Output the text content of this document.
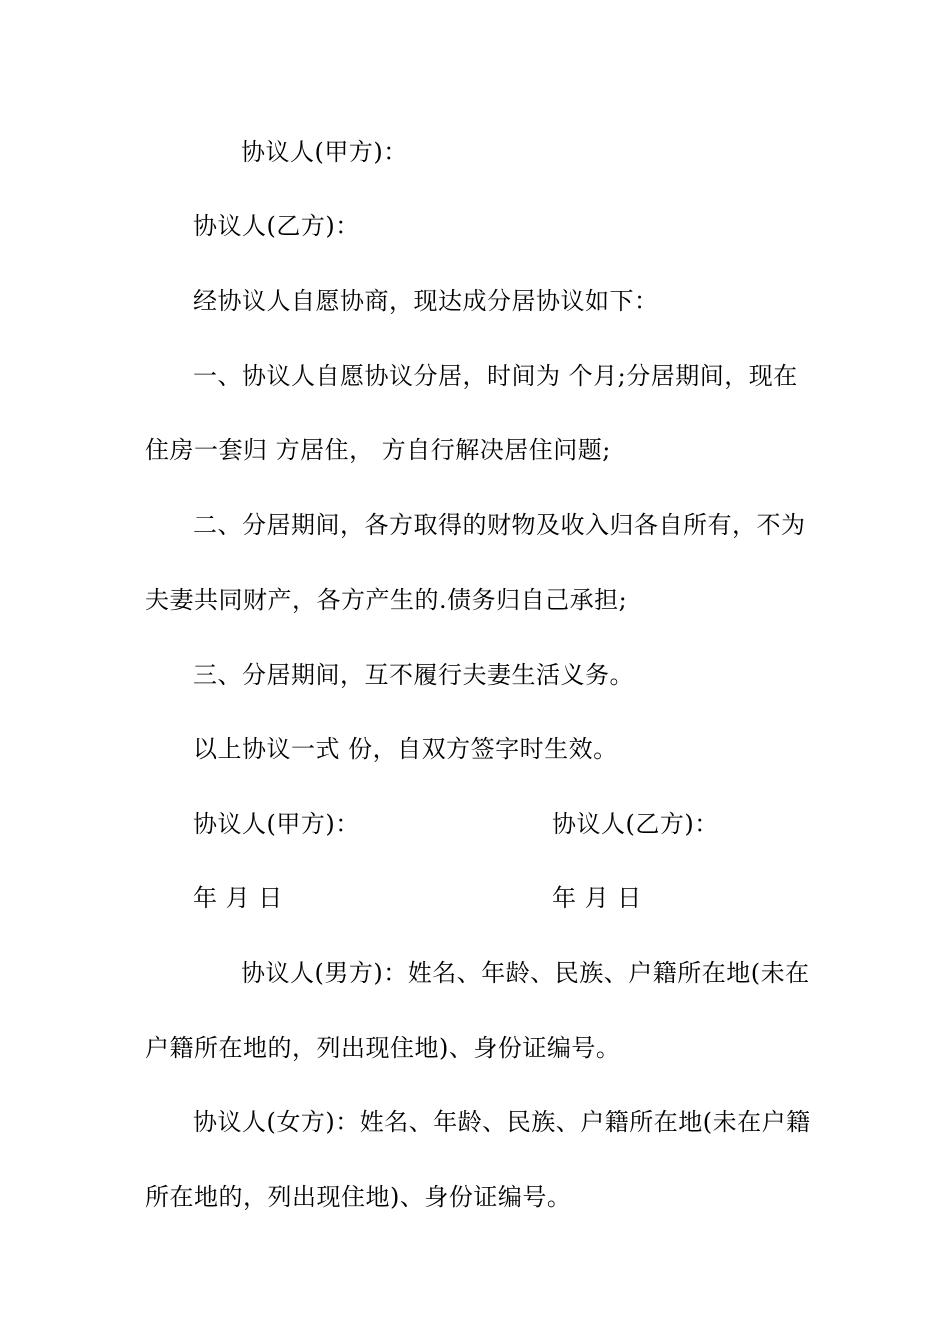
协议人(甲方)：

协议人(乙方)：

经协议人自愿协商，现达成分居协议如下：

一、协议人自愿协议分居，时间为 个月;分居期间，现在

住房一套归 方居住， 方自行解决居住问题;

二、分居期间，各方取得的财物及收入归各自所有，不为

夫妻共同财产，各方产生的.债务归自己承担;

三、分居期间，互不履行夫妻生活义务。

以上协议一式 份，自双方签字时生效。

协议人(甲方)：	协议人(乙方)：

年 月 日	年 月 日

协议人(男方)：姓名、年龄、民族、户籍所在地(未在

户籍所在地的，列出现住地)、身份证编号。

协议人(女方)：姓名、年龄、民族、户籍所在地(未在户籍

所在地的，列出现住地)、身份证编号。
